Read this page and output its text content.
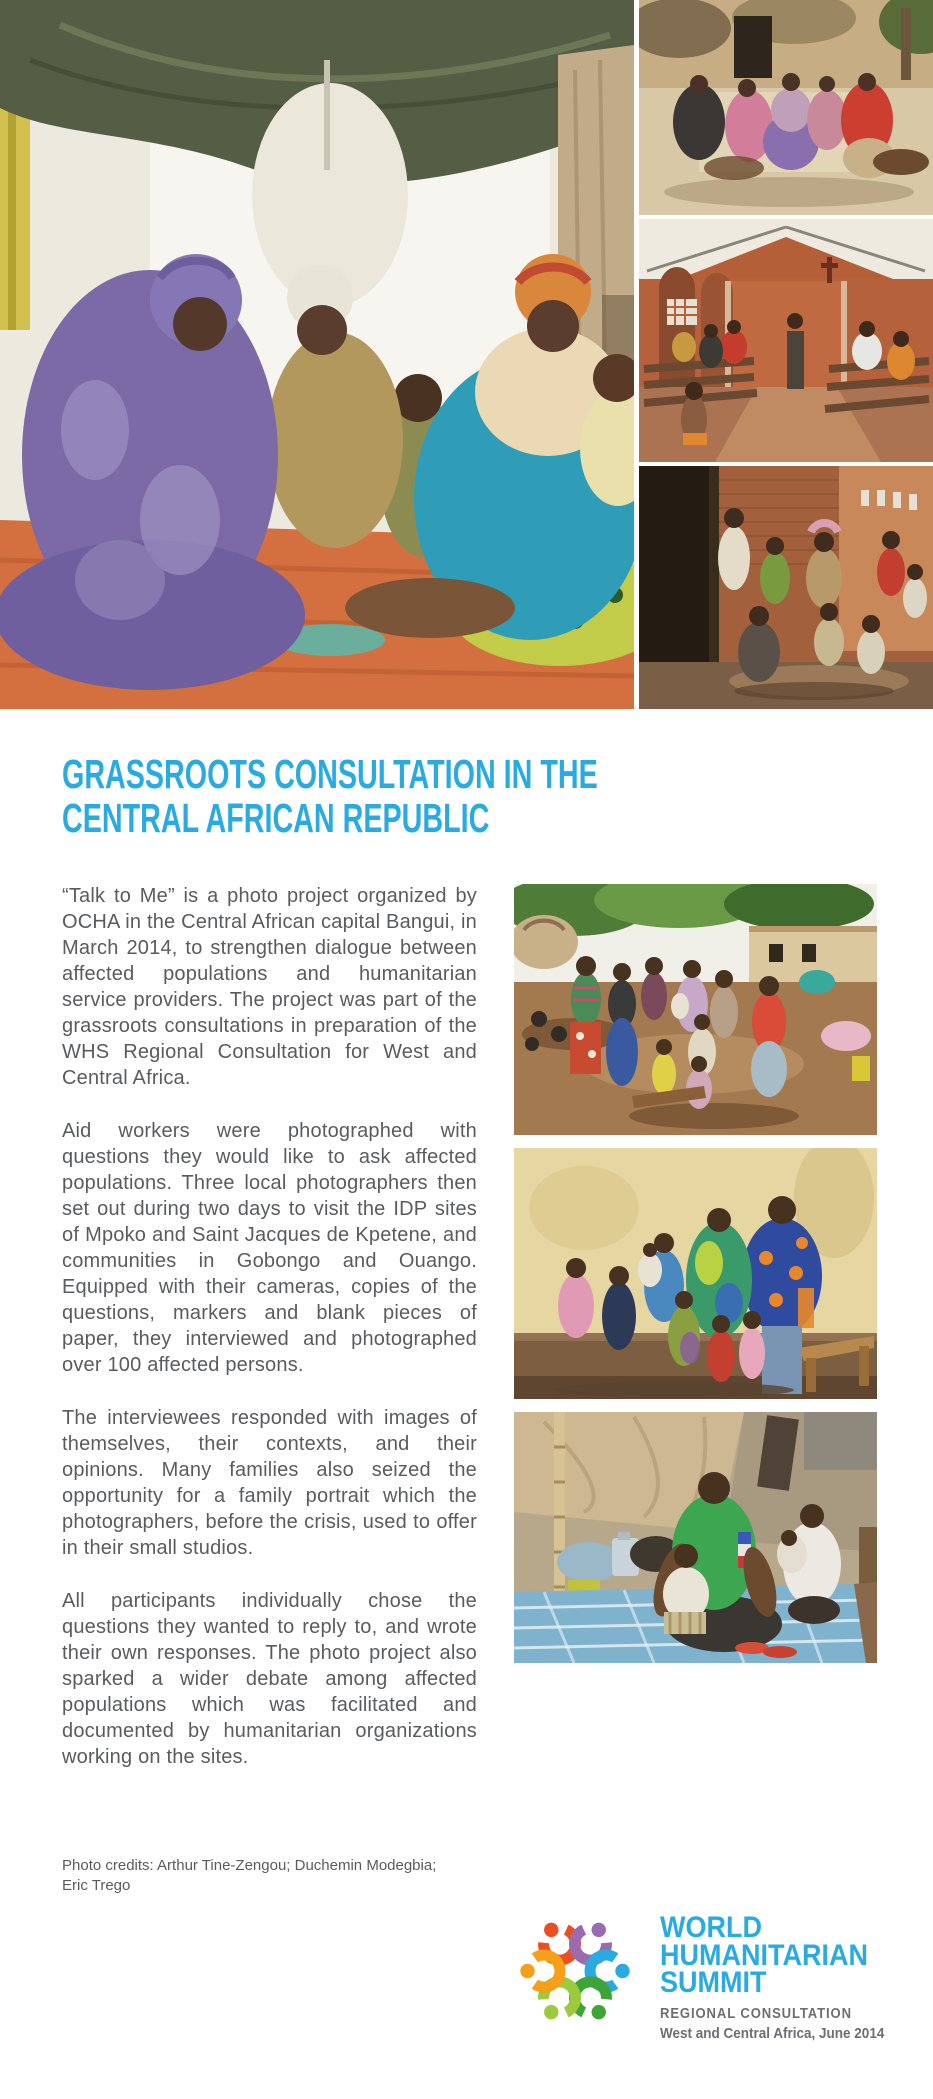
GRASSROOTS CONSULTATION IN THE
CENTRAL AFRICAN REPUBLIC

“Talk to Me” is a photo project organized by OCHA in the Central African capital Bangui, in March 2014, to strengthen dialogue between affected populations and humanitarian service providers. The project was part of the grassroots consultations in preparation of the WHS Regional Consultation for West and Central Africa.

Aid workers were photographed with questions they would like to ask affected populations. Three local photographers then set out during two days to visit the IDP sites of Mpoko and Saint Jacques de Kpetene, and communities in Gobongo and Ouango. Equipped with their cameras, copies of the questions, markers and blank pieces of paper, they interviewed and photographed over 100 affected persons.

The interviewees responded with images of themselves, their contexts, and their opinions. Many families also seized the opportunity for a family portrait which the photographers, before the crisis, used to offer in their small studios.

All participants individually chose the questions they wanted to reply to, and wrote their own responses. The photo project also sparked a wider debate among affected populations which was facilitated and documented by humanitarian organizations working on the sites.

Photo credits: Arthur Tine-Zengou; Duchemin Modegbia; Eric Trego
WORLD
HUMANITARIAN
SUMMIT
REGIONAL CONSULTATION
West and Central Africa, June 2014
